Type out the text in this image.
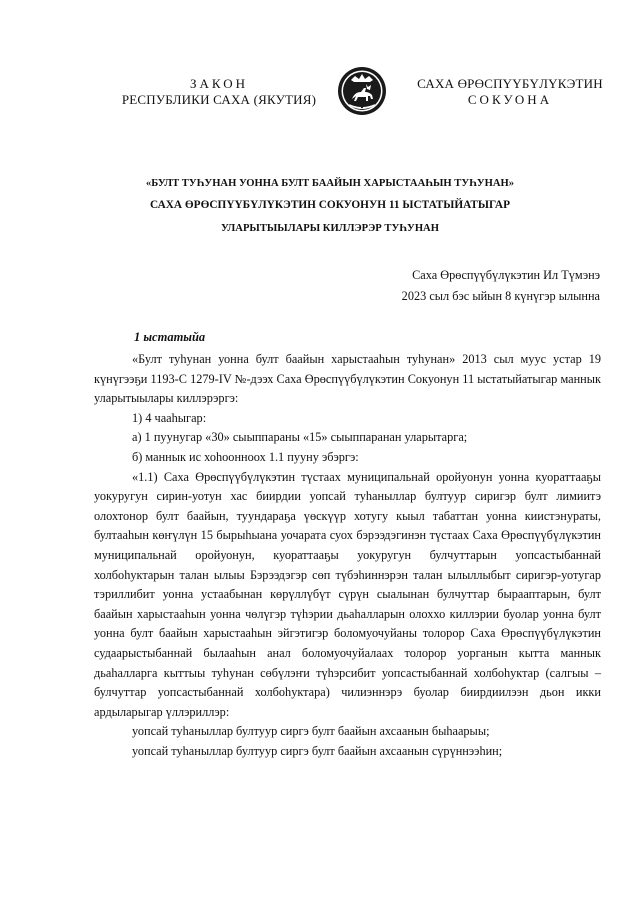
ЗАКОН
РЕСПУБЛИКИ САХА (ЯКУТИЯ)
САХА ӨРӨСПҮҮБҮЛҮКЭТИН
СОКУОНА
«БУЛТ ТУҺУНАН УОННА БУЛТ БААЙЫН ХАРЫСТААҺЫН ТУҺУНАН»
САХА ӨРӨСПҮҮБҮЛҮКЭТИН СОКУОНУН 11 ЫСТАТЫЙАТЫГАР
УЛАРЫТЫЫЛАРЫ КИЛЛЭРЭР ТУҺУНАН
Саха Өрөспүүбүлүкэтин Ил Түмэнэ
2023 сыл бэс ыйын 8 күнүгэр ылынна
1 ыстатыйа

«Булт туһунан уонна булт баайын харыстааһын туһунан» 2013 сыл муус устар 19 күнүгээҕи 1193-С 1279-IV №-дээх Саха Өрөспүүбүлүкэтин Сокуонун 11 ыстатыйатыгар маннык уларытыылары киллэрэргэ:

1) 4 чааһыгар:

а) 1 пуунугар «30» сыыппараны «15» сыыппаранан уларытарга;

б) маннык ис хоһоонноох 1.1 пууну эбэргэ:

«1.1) Саха Өрөспүүбүлүкэтин түстаах муниципальнай оройуонун уонна куораттааҕы уокуругун сирин-уотун хас биирдии уопсай туһаныллар бултуур сиригэр булт лимиитэ олохтонор булт баайын, туундараҕа үөскүүр хотугу кыыл табаттан уонна киистэнураты, бултааһын көҥүлүн 15 бырыһыана уочарата суох бэрээдэгинэн түстаах Саха Өрөспүүбүлүкэтин муниципальнай оройуонун, куораттааҕы уокуругун булчуттарын уопсастыбаннай холбоһуктарын талан ылыы Бэрээдэгэр сөп түбэһиннэрэн талан ылыллыбыт сиригэр-уотугар тэриллибит уонна устаабынан көрүллүбүт сүрүн сыалынан булчуттар бырааптарын, булт баайын харыстааһын уонна чөлүгэр түһэрии дьаһалларын олоххо киллэрии буолар уонна булт уонна булт баайын харыстааһын эйгэтигэр боломуочуйаны толорор Саха Өрөспүүбүлүкэтин судаарыстыбаннай былааһын анал боломуочуйалаах толорор уорганын кытта маннык дьаһалларга кыттыы туһунан сөбүлэҥи түһэрсибит уопсастыбаннай холбоһуктар (салгыы – булчуттар уопсастыбаннай холбоһуктара) чилиэннэрэ буолар биирдиилээн дьон икки ардыларыгар үллэриллэр:

уопсай туһаныллар бултуур сиргэ булт баайын ахсаанын быһаарыы;

уопсай туһаныллар бултуур сиргэ булт баайын ахсаанын сүрүннээһин;
